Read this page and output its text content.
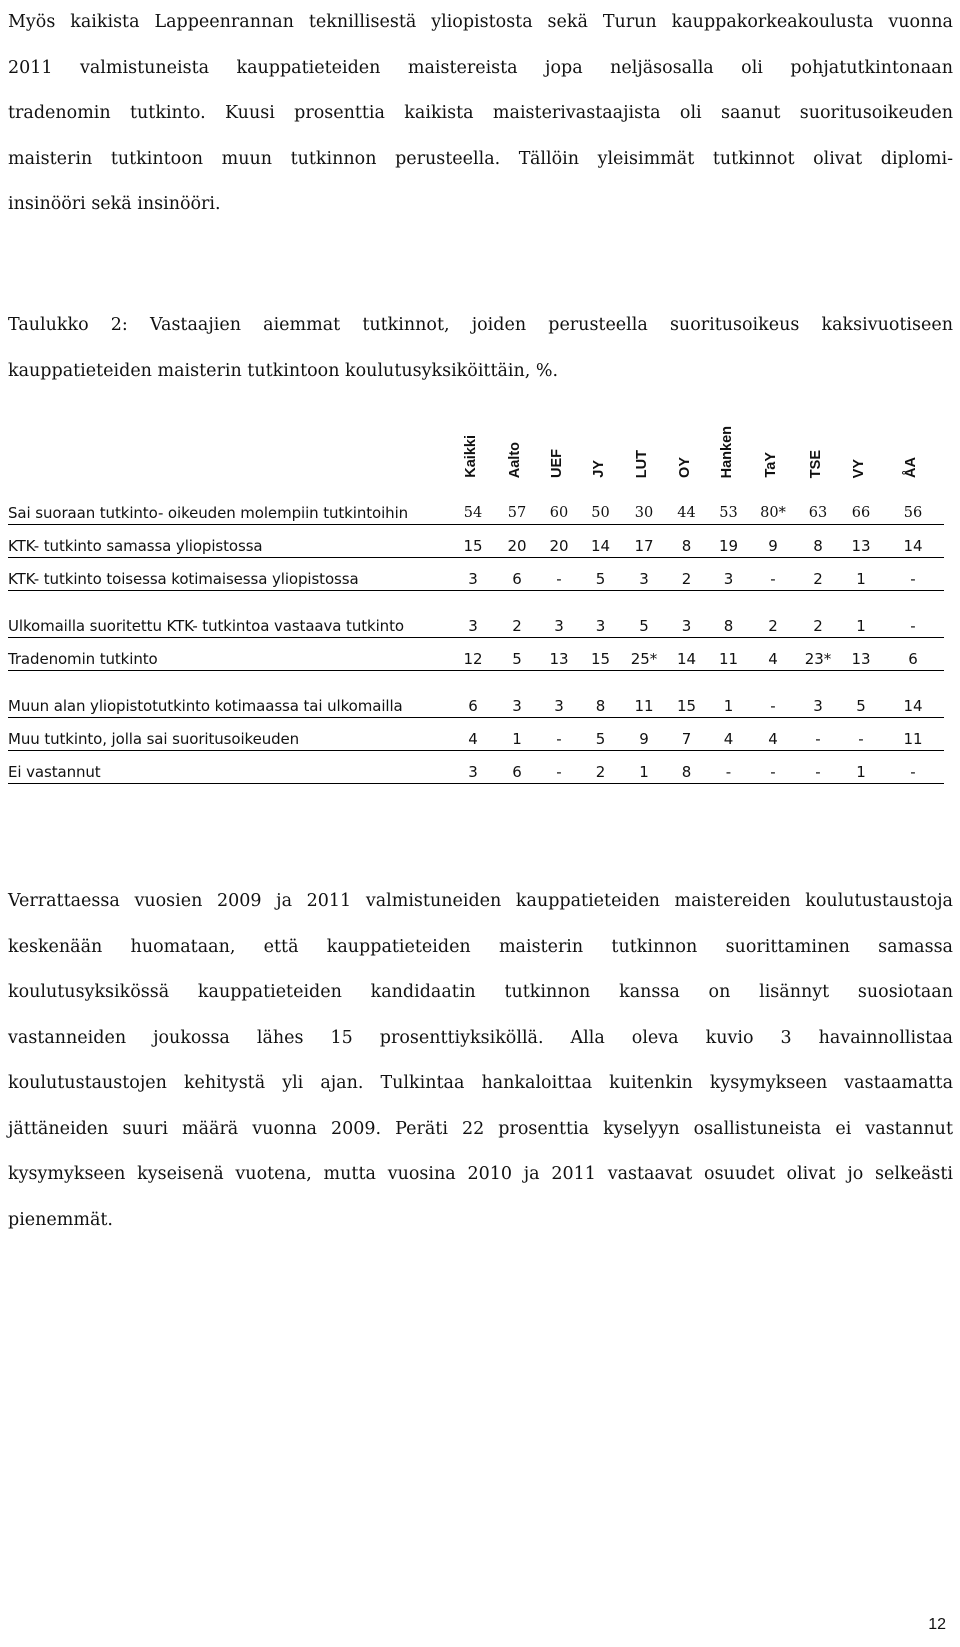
Myös kaikista Lappeenrannan teknillisestä yliopistosta sekä Turun kauppakorkeakoulusta vuonna
2011 valmistuneista kauppatieteiden maistereista jopa neljäsosalla oli pohjatutkintonaan
tradenomin tutkinto. Kuusi prosenttia kaikista maisterivastaajista oli saanut suoritusoikeuden
maisterin tutkintoon muun tutkinnon perusteella. Tällöin yleisimmät tutkinnot olivat diplomi-
insinööri sekä insinööri.
Taulukko 2: Vastaajien aiemmat tutkinnot, joiden perusteella suoritusoikeus kaksivuotiseen
kauppatieteiden maisterin tutkintoon koulutusyksiköittäin, %.

	Kaikki	Aalto	UEF	JY	LUT	OY	Hanken	TaY	TSE	VY	ÅA

Sai suoraan tutkinto- oikeuden molempiin tutkintoihin	54	57	60	50	30	44	53	80*	63	66	56
KTK- tutkinto samassa yliopistossa	15	20	20	14	17	8	19	9	8	13	14
KTK- tutkinto toisessa kotimaisessa yliopistossa	3	6	-	5	3	2	3	-	2	1	-
Ulkomailla suoritettu KTK- tutkintoa vastaava tutkinto	3	2	3	3	5	3	8	2	2	1	-
Tradenomin tutkinto	12	5	13	15	25*	14	11	4	23*	13	6
Muun alan yliopistotutkinto kotimaassa tai ulkomailla	6	3	3	8	11	15	1	-	3	5	14
Muu tutkinto, jolla sai suoritusoikeuden	4	1	-	5	9	7	4	4	-	-	11
Ei vastannut	3	6	-	2	1	8	-	-	-	1	-
Verrattaessa vuosien 2009 ja 2011 valmistuneiden kauppatieteiden maistereiden koulutustaustoja
keskenään huomataan, että kauppatieteiden maisterin tutkinnon suorittaminen samassa
koulutusyksikössä kauppatieteiden kandidaatin tutkinnon kanssa on lisännyt suosiotaan
vastanneiden joukossa lähes 15 prosenttiyksiköllä. Alla oleva kuvio 3 havainnollistaa
koulutustaustojen kehitystä yli ajan. Tulkintaa hankaloittaa kuitenkin kysymykseen vastaamatta
jättäneiden suuri määrä vuonna 2009. Peräti 22 prosenttia kyselyyn osallistuneista ei vastannut
kysymykseen kyseisenä vuotena, mutta vuosina 2010 ja 2011 vastaavat osuudet olivat jo selkeästi
pienemmät.
12
